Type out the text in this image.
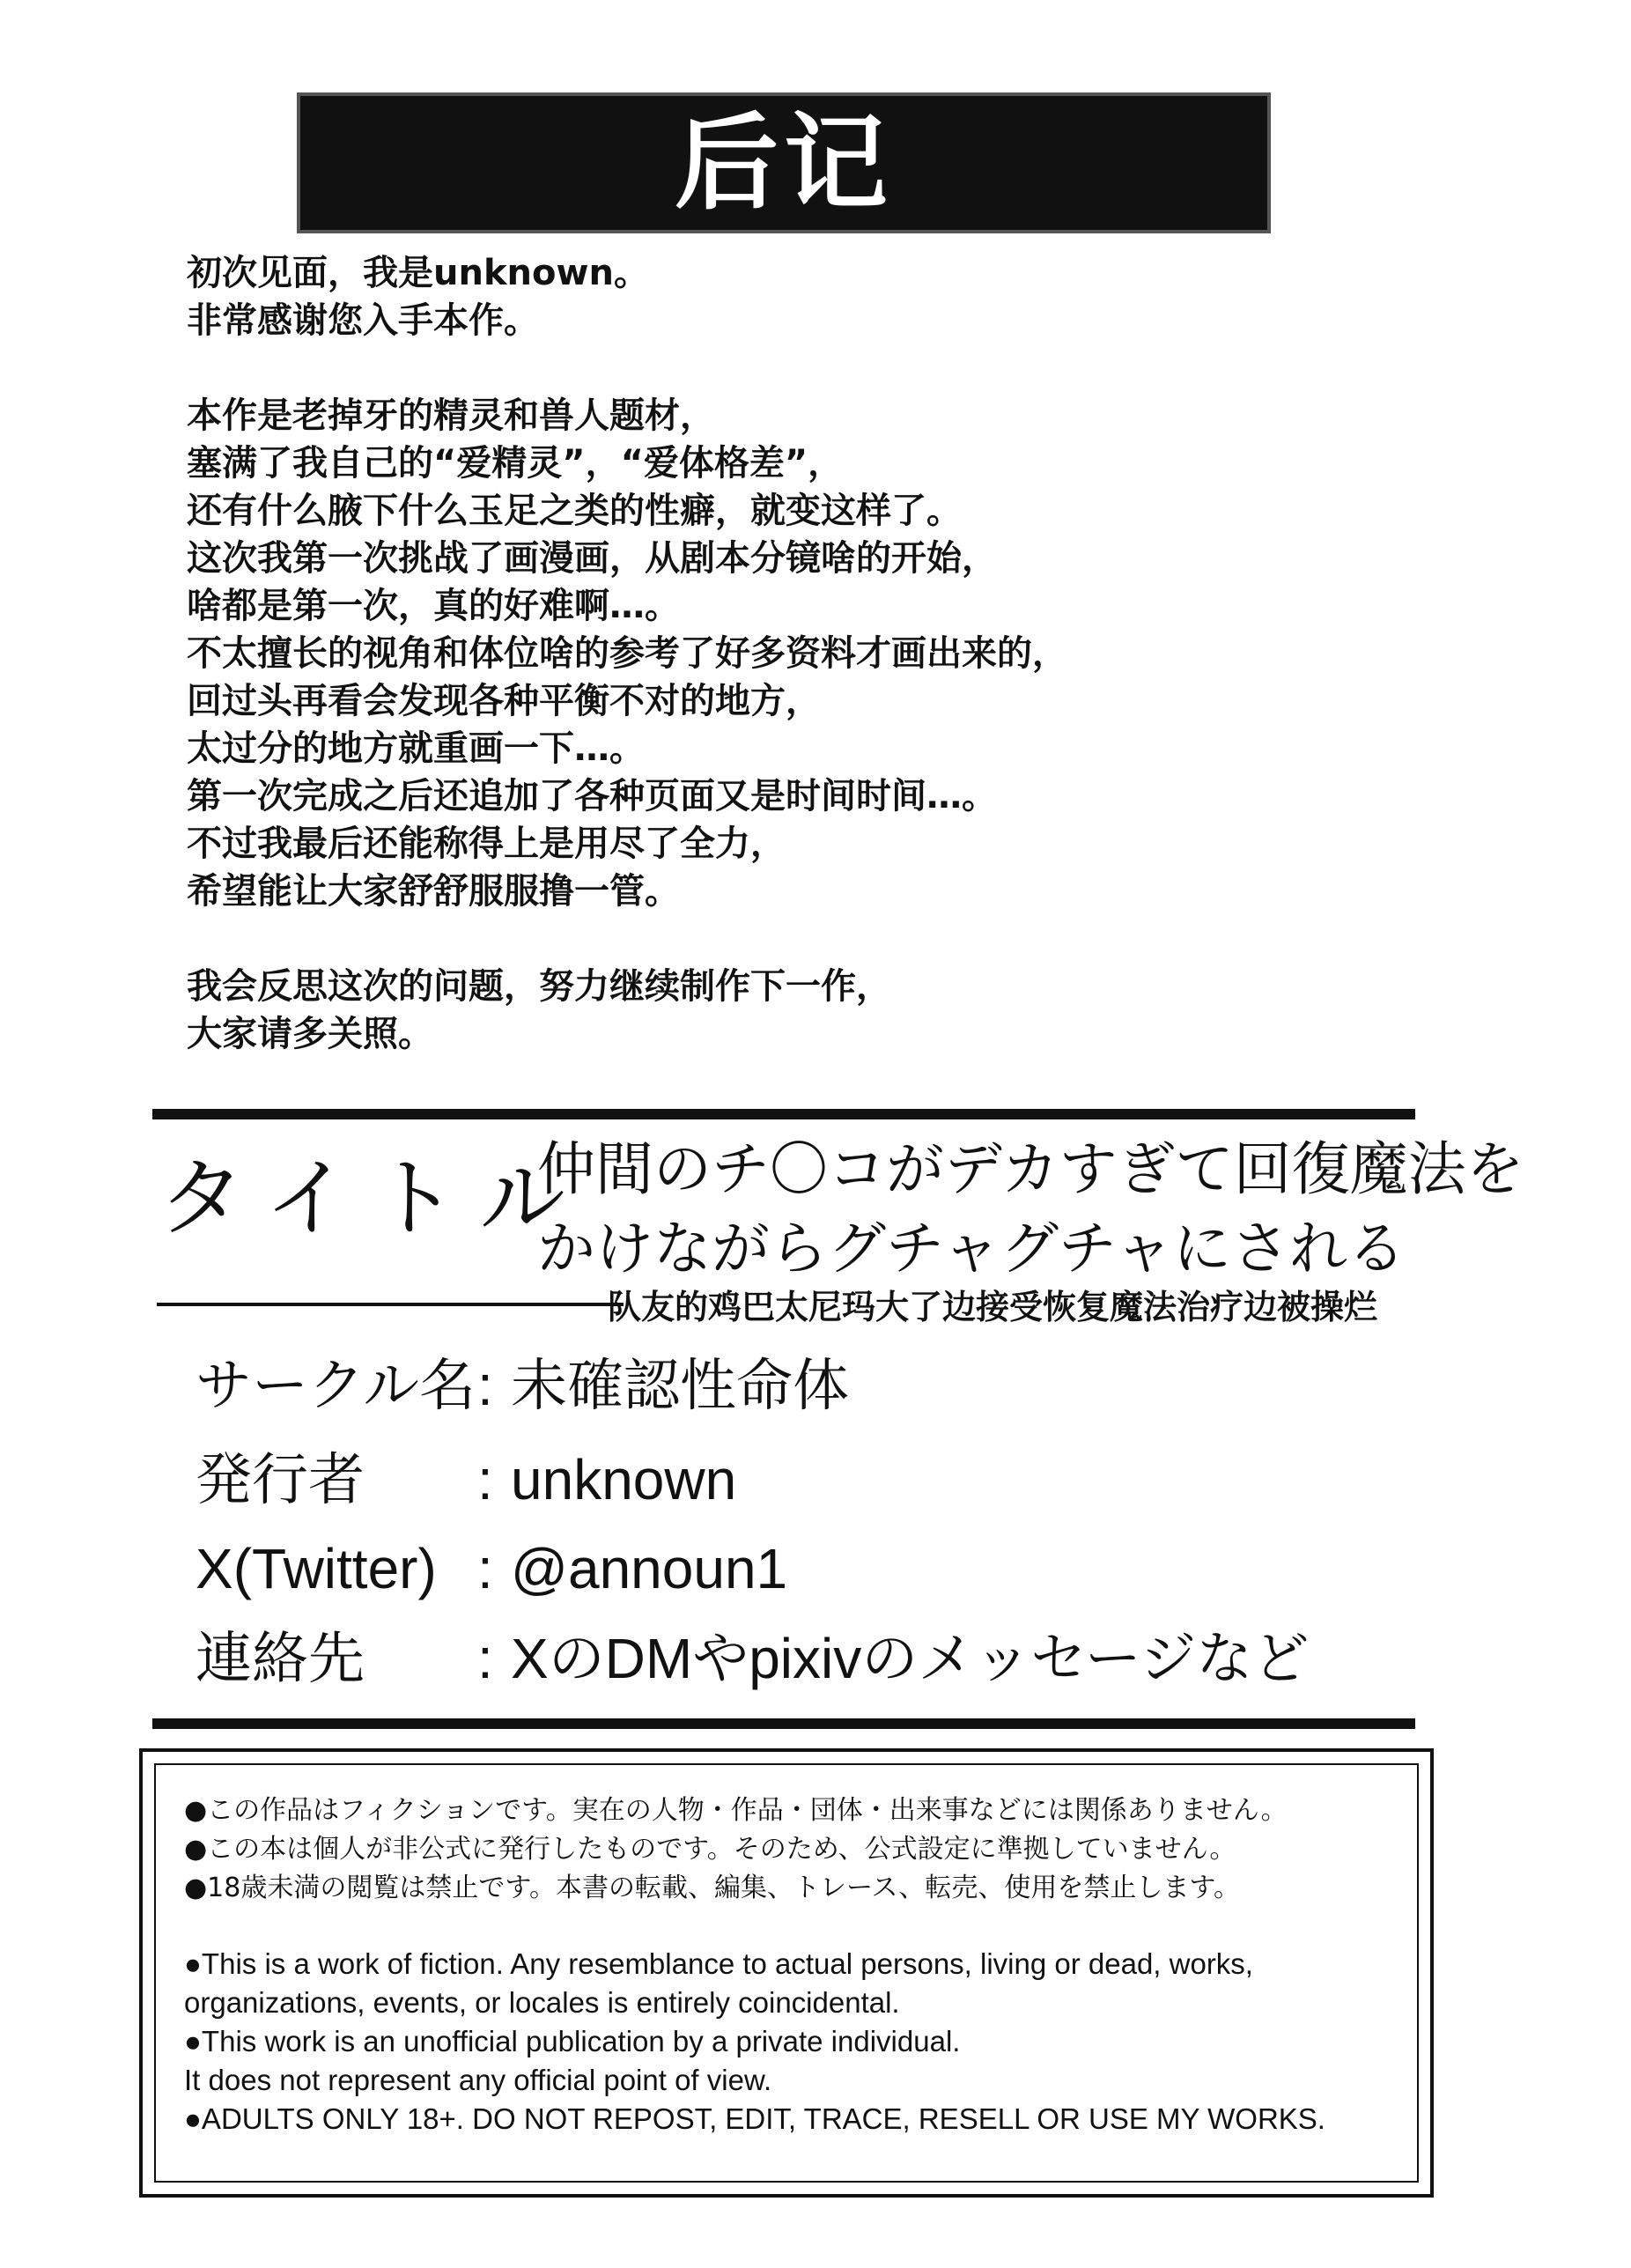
后记
初次见面，我是unknown。
非常感谢您入手本作。
本作是老掉牙的精灵和兽人题材，
塞满了我自己的“爱精灵”，“爱体格差”，
还有什么腋下什么玉足之类的性癖，就变这样了。
这次我第一次挑战了画漫画，从剧本分镜啥的开始，
啥都是第一次，真的好难啊…。
不太擅长的视角和体位啥的参考了好多资料才画出来的，
回过头再看会发现各种平衡不对的地方，
太过分的地方就重画一下…。
第一次完成之后还追加了各种页面又是时间时间…。
不过我最后还能称得上是用尽了全力，
希望能让大家舒舒服服撸一管。
我会反思这次的问题，努力继续制作下一作，
大家请多关照。
タイトル
仲間のチ〇コがデカすぎて回復魔法を
かけながらグチャグチャにされる
队友的鸡巴太尼玛大了边接受恢复魔法治疗边被操烂
サークル名: 未確認性命体
発行者 : unknown
X(Twitter) : @announ1
連絡先 : XのDMやpixivのメッセージなど
●この作品はフィクションです。実在の人物・作品・団体・出来事などには関係ありません。
●この本は個人が非公式に発行したものです。そのため、公式設定に準拠していません。
●18歳未満の閲覧は禁止です。本書の転載、編集、トレース、転売、使用を禁止します。
●This is a work of fiction. Any resemblance to actual persons, living or dead, works,
organizations, events, or locales is entirely coincidental.
●This work is an unofficial publication by a private individual.
It does not represent any official point of view.
●ADULTS ONLY 18+. DO NOT REPOST, EDIT, TRACE, RESELL OR USE MY WORKS.
